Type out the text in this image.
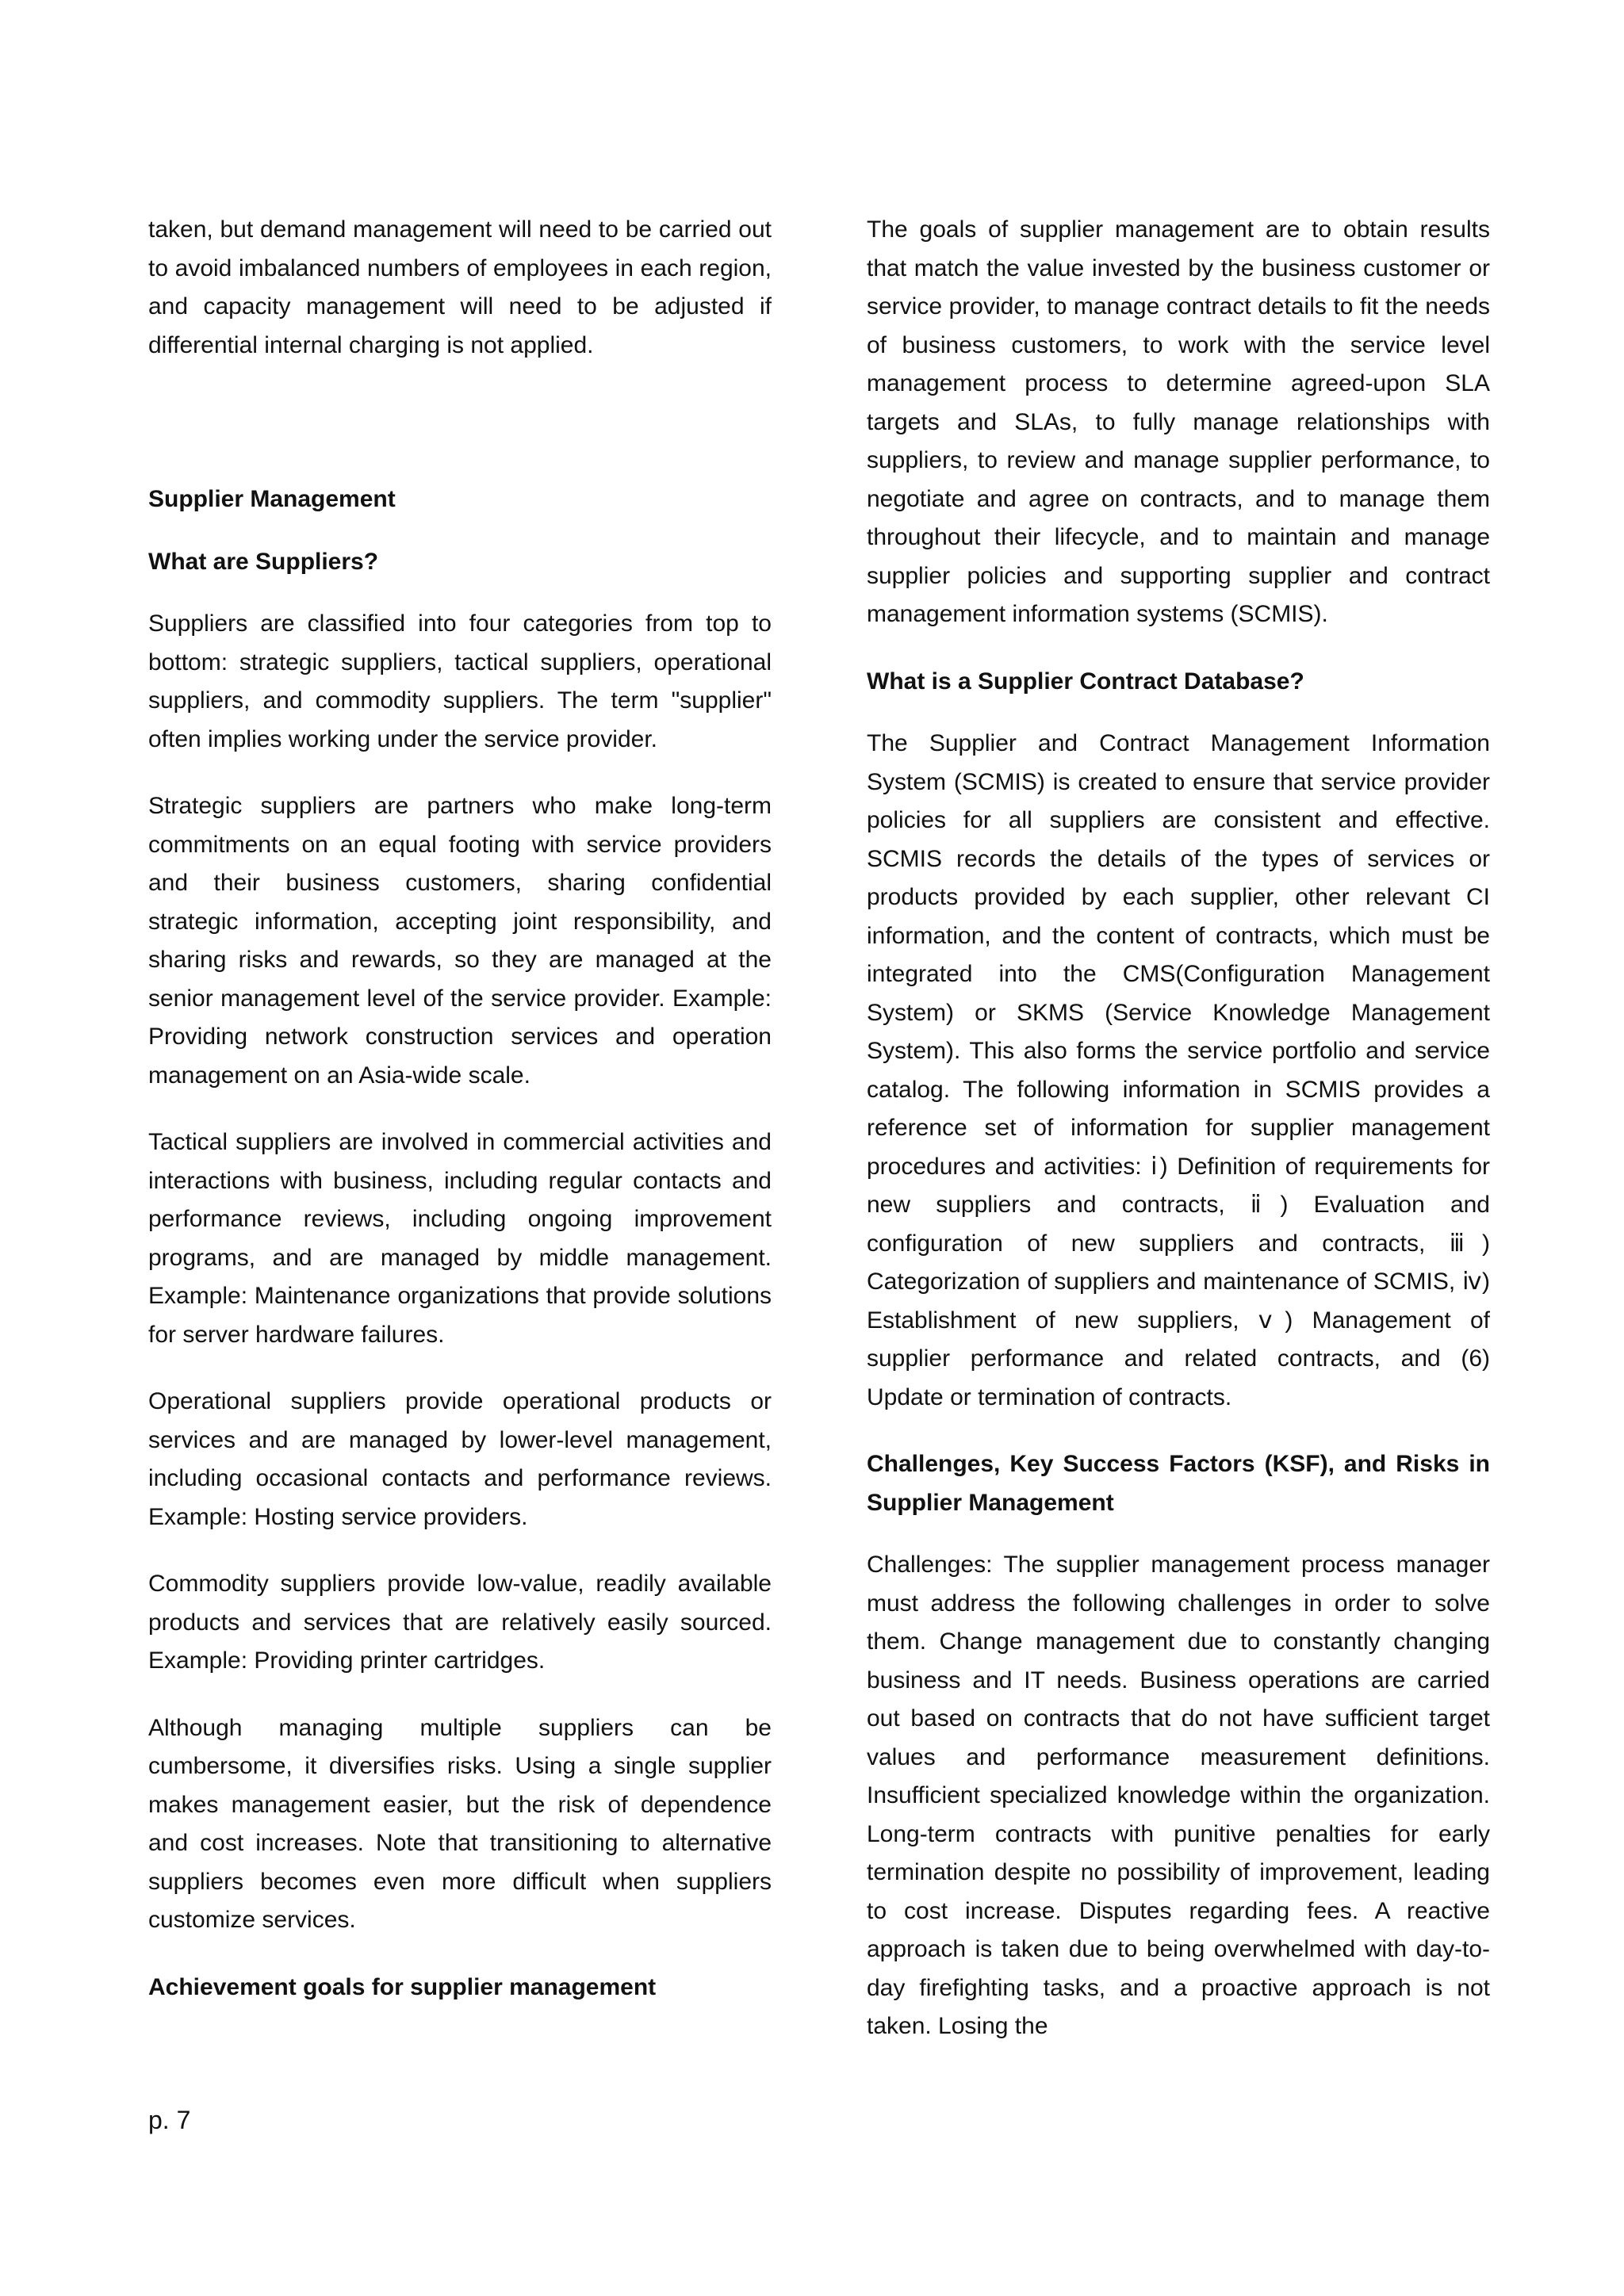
taken, but demand management will need to be carried out to avoid imbalanced numbers of employees in each region, and capacity management will need to be adjusted if differential internal charging is not applied.

Supplier Management

What are Suppliers?

Suppliers are classified into four categories from top to bottom: strategic suppliers, tactical suppliers, operational suppliers, and commodity suppliers. The term "supplier" often implies working under the service provider.

Strategic suppliers are partners who make long-term commitments on an equal footing with service providers and their business customers, sharing confidential strategic information, accepting joint responsibility, and sharing risks and rewards, so they are managed at the senior management level of the service provider. Example: Providing network construction services and operation management on an Asia-wide scale.

Tactical suppliers are involved in commercial activities and interactions with business, including regular contacts and performance reviews, including ongoing improvement programs, and are managed by middle management. Example: Maintenance organizations that provide solutions for server hardware failures.

Operational suppliers provide operational products or services and are managed by lower-level management, including occasional contacts and performance reviews. Example: Hosting service providers.

Commodity suppliers provide low-value, readily available products and services that are relatively easily sourced. Example: Providing printer cartridges.

Although managing multiple suppliers can be cumbersome, it diversifies risks. Using a single supplier makes management easier, but the risk of dependence and cost increases. Note that transitioning to alternative suppliers becomes even more difficult when suppliers customize services.

Achievement goals for supplier management

The goals of supplier management are to obtain results that match the value invested by the business customer or service provider, to manage contract details to fit the needs of business customers, to work with the service level management process to determine agreed-upon SLA targets and SLAs, to fully manage relationships with suppliers, to review and manage supplier performance, to negotiate and agree on contracts, and to manage them throughout their lifecycle, and to maintain and manage supplier policies and supporting supplier and contract management information systems (SCMIS).

What is a Supplier Contract Database?

The Supplier and Contract Management Information System (SCMIS) is created to ensure that service provider policies for all suppliers are consistent and effective. SCMIS records the details of the types of services or products provided by each supplier, other relevant CI information, and the content of contracts, which must be integrated into the CMS(Configuration Management System) or SKMS (Service Knowledge Management System). This also forms the service portfolio and service catalog. The following information in SCMIS provides a reference set of information for supplier management procedures and activities: ⅰ) Definition of requirements for new suppliers and contracts, ⅱ) Evaluation and configuration of new suppliers and contracts, ⅲ) Categorization of suppliers and maintenance of SCMIS, ⅳ) Establishment of new suppliers, ⅴ) Management of supplier performance and related contracts, and (6) Update or termination of contracts.

Challenges, Key Success Factors (KSF), and Risks in Supplier Management

Challenges: The supplier management process manager must address the following challenges in order to solve them. Change management due to constantly changing business and IT needs. Business operations are carried out based on contracts that do not have sufficient target values and performance measurement definitions. Insufficient specialized knowledge within the organization. Long-term contracts with punitive penalties for early termination despite no possibility of improvement, leading to cost increase. Disputes regarding fees. A reactive approach is taken due to being overwhelmed with day-to-day firefighting tasks, and a proactive approach is not taken. Losing the

p. 7
